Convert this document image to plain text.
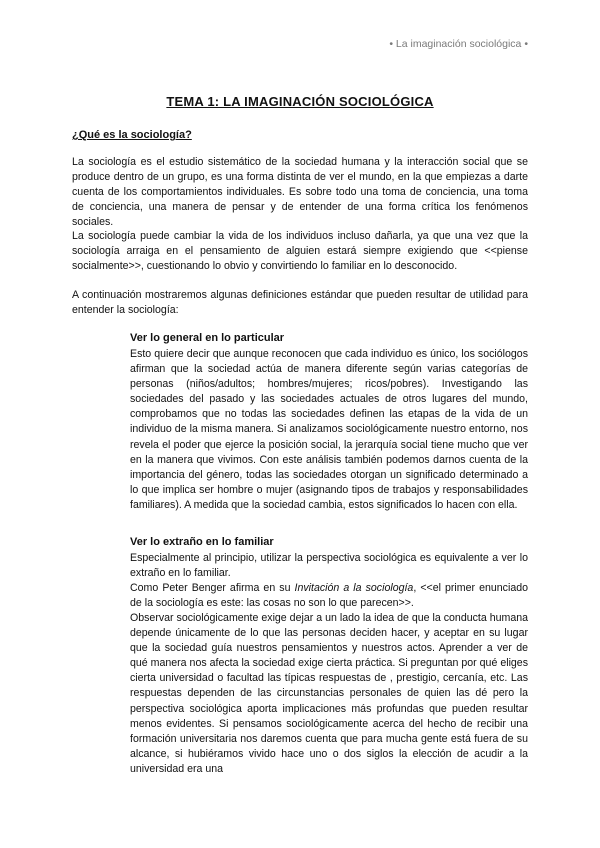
• La imaginación sociológica •
TEMA 1: LA IMAGINACIÓN SOCIOLÓGICA
¿Qué es la sociología?

La sociología es el estudio sistemático de la sociedad humana y la interacción social que se produce dentro de un grupo, es una forma distinta de ver el mundo, en la que empiezas a darte cuenta de los comportamientos individuales. Es sobre todo una toma de conciencia, una toma de conciencia, una manera de pensar y de entender de una forma crítica los fenómenos sociales.

La sociología puede cambiar la vida de los individuos incluso dañarla, ya que una vez que la sociología arraiga en el pensamiento de alguien estará siempre exigiendo que <<piense socialmente>>, cuestionando lo obvio y convirtiendo lo familiar en lo desconocido.

A continuación mostraremos algunas definiciones estándar que pueden resultar de utilidad para entender la sociología:

Ver lo general en lo particular

Esto quiere decir que aunque reconocen que cada individuo es único, los sociólogos afirman que la sociedad actúa de manera diferente según varias categorías de personas (niños/adultos; hombres/mujeres; ricos/pobres). Investigando las sociedades del pasado y las sociedades actuales de otros lugares del mundo, comprobamos que no todas las sociedades definen las etapas de la vida de un individuo de la misma manera. Si analizamos sociológicamente nuestro entorno, nos revela el poder que ejerce la posición social, la jerarquía social tiene mucho que ver en la manera que vivimos. Con este análisis también podemos darnos cuenta de la importancia del género, todas las sociedades otorgan un significado determinado a lo que implica ser hombre o mujer (asignando tipos de trabajos y responsabilidades familiares). A medida que la sociedad cambia, estos significados lo hacen con ella.

Ver lo extraño en lo familiar

Especialmente al principio, utilizar la perspectiva sociológica es equivalente a ver lo extraño en lo familiar.

Como Peter Benger afirma en su Invitación a la sociología, <<el primer enunciado de la sociología es este: las cosas no son lo que parecen>>.

Observar sociológicamente exige dejar a un lado la idea de que la conducta humana depende únicamente de lo que las personas deciden hacer, y aceptar en su lugar que la sociedad guía nuestros pensamientos y nuestros actos. Aprender a ver de qué manera nos afecta la sociedad exige cierta práctica. Si preguntan por qué eliges cierta universidad o facultad las típicas respuestas de , prestigio, cercanía, etc. Las respuestas dependen de las circunstancias personales de quien las dé pero la perspectiva sociológica aporta implicaciones más profundas que pueden resultar menos evidentes. Si pensamos sociológicamente acerca del hecho de recibir una formación universitaria nos daremos cuenta que para mucha gente está fuera de su alcance, si hubiéramos vivido hace uno o dos siglos la elección de acudir a la universidad era una
